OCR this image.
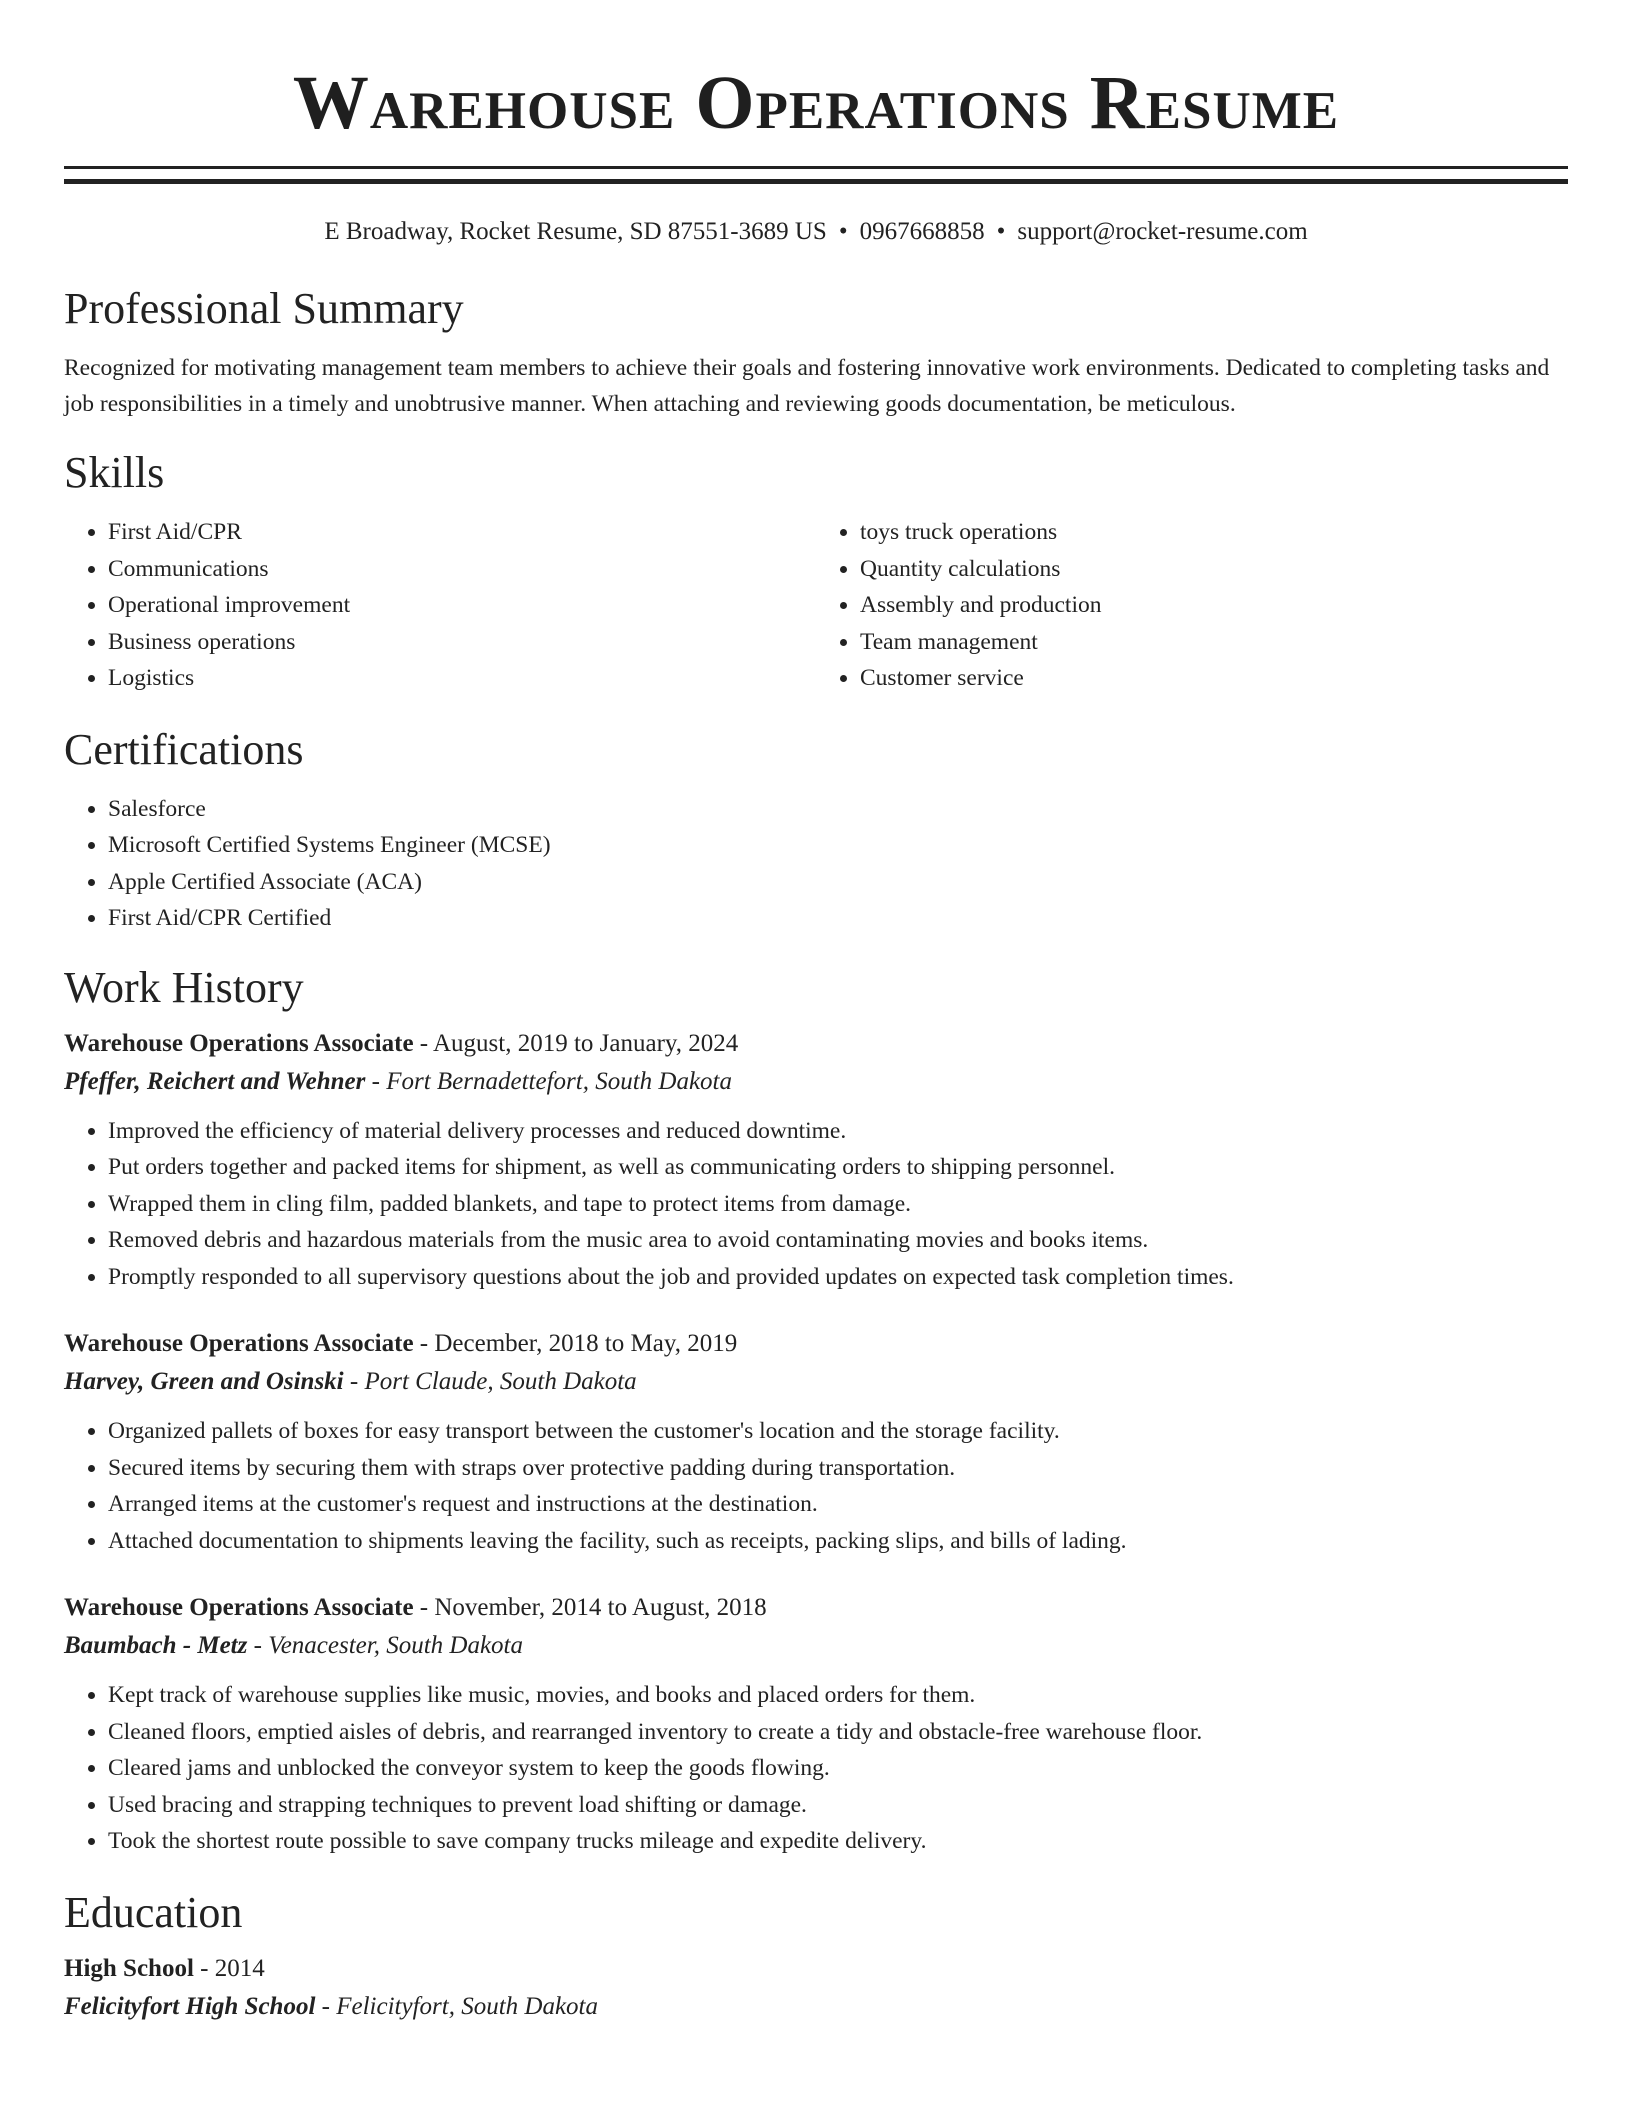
Warehouse Operations Resume
E Broadway, Rocket Resume, SD 87551-3689 US • 0967668858 • support@rocket-resume.com
Professional Summary

Recognized for motivating management team members to achieve their goals and fostering innovative work environments. Dedicated to completing tasks and job responsibilities in a timely and unobtrusive manner. When attaching and reviewing goods documentation, be meticulous.

Skills
• First Aid/CPR
• Communications
• Operational improvement
• Business operations
• Logistics
• toys truck operations
• Quantity calculations
• Assembly and production
• Team management
• Customer service
Certifications
• Salesforce
• Microsoft Certified Systems Engineer (MCSE)
• Apple Certified Associate (ACA)
• First Aid/CPR Certified
Work History
Warehouse Operations Associate - August, 2019 to January, 2024
Pfeffer, Reichert and Wehner - Fort Bernadettefort, South Dakota
• Improved the efficiency of material delivery processes and reduced downtime.
• Put orders together and packed items for shipment, as well as communicating orders to shipping personnel.
• Wrapped them in cling film, padded blankets, and tape to protect items from damage.
• Removed debris and hazardous materials from the music area to avoid contaminating movies and books items.
• Promptly responded to all supervisory questions about the job and provided updates on expected task completion times.
Warehouse Operations Associate - December, 2018 to May, 2019
Harvey, Green and Osinski - Port Claude, South Dakota
• Organized pallets of boxes for easy transport between the customer's location and the storage facility.
• Secured items by securing them with straps over protective padding during transportation.
• Arranged items at the customer's request and instructions at the destination.
• Attached documentation to shipments leaving the facility, such as receipts, packing slips, and bills of lading.
Warehouse Operations Associate - November, 2014 to August, 2018
Baumbach - Metz - Venacester, South Dakota
• Kept track of warehouse supplies like music, movies, and books and placed orders for them.
• Cleaned floors, emptied aisles of debris, and rearranged inventory to create a tidy and obstacle-free warehouse floor.
• Cleared jams and unblocked the conveyor system to keep the goods flowing.
• Used bracing and strapping techniques to prevent load shifting or damage.
• Took the shortest route possible to save company trucks mileage and expedite delivery.
Education
High School - 2014
Felicityfort High School - Felicityfort, South Dakota
